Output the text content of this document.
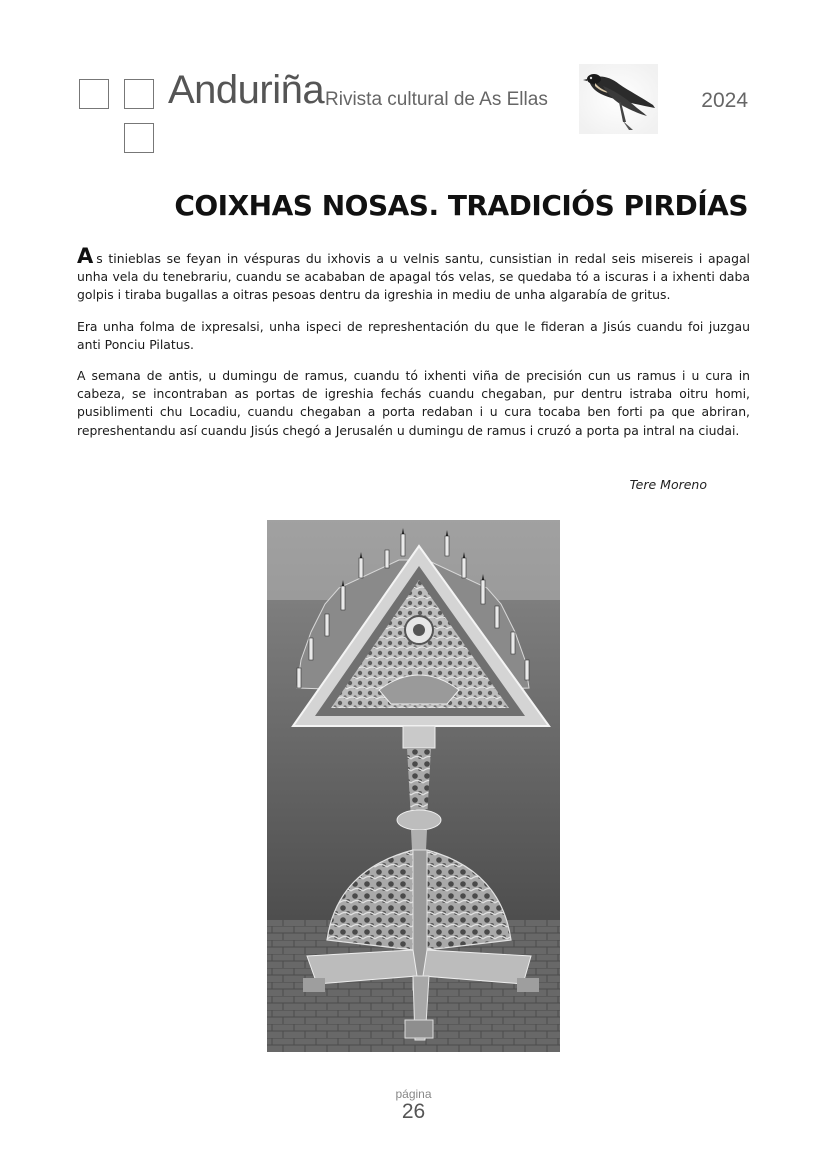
Anduriña Rivista cultural de As Ellas	2024
COIXHAS NOSAS. TRADICIÓS PIRDÍAS

As tinieblas se feyan in véspuras du ixhovis a u velnis santu, cunsistian in redal seis misereis i apagal unha vela du tenebrariu, cuandu se acababan de apagal tós velas, se quedaba tó a iscuras i a ixhenti daba golpis i tiraba bugallas a oitras pesoas dentru da igreshia in mediu de unha algarabía de gritus.

Era unha folma de ixpresalsi, unha ispeci de represhentación du que le fideran a Jisús cuandu foi juzgau anti Ponciu Pilatus.

A semana de antis, u dumingu de ramus, cuandu tó ixhenti viña de precisión cun us ramus i u cura in cabeza, se incontraban as portas de igreshia fechás cuandu chegaban, pur dentru istraba oitru homi, pusiblimenti chu Locadiu, cuandu chegaban a porta redaban i u cura tocaba ben forti pa que abriran, represhentandu así cuandu Jisús chegó a Jerusalén u dumingu de ramus i cruzó a porta pa intral na ciudai.

Tere Moreno
página
26
